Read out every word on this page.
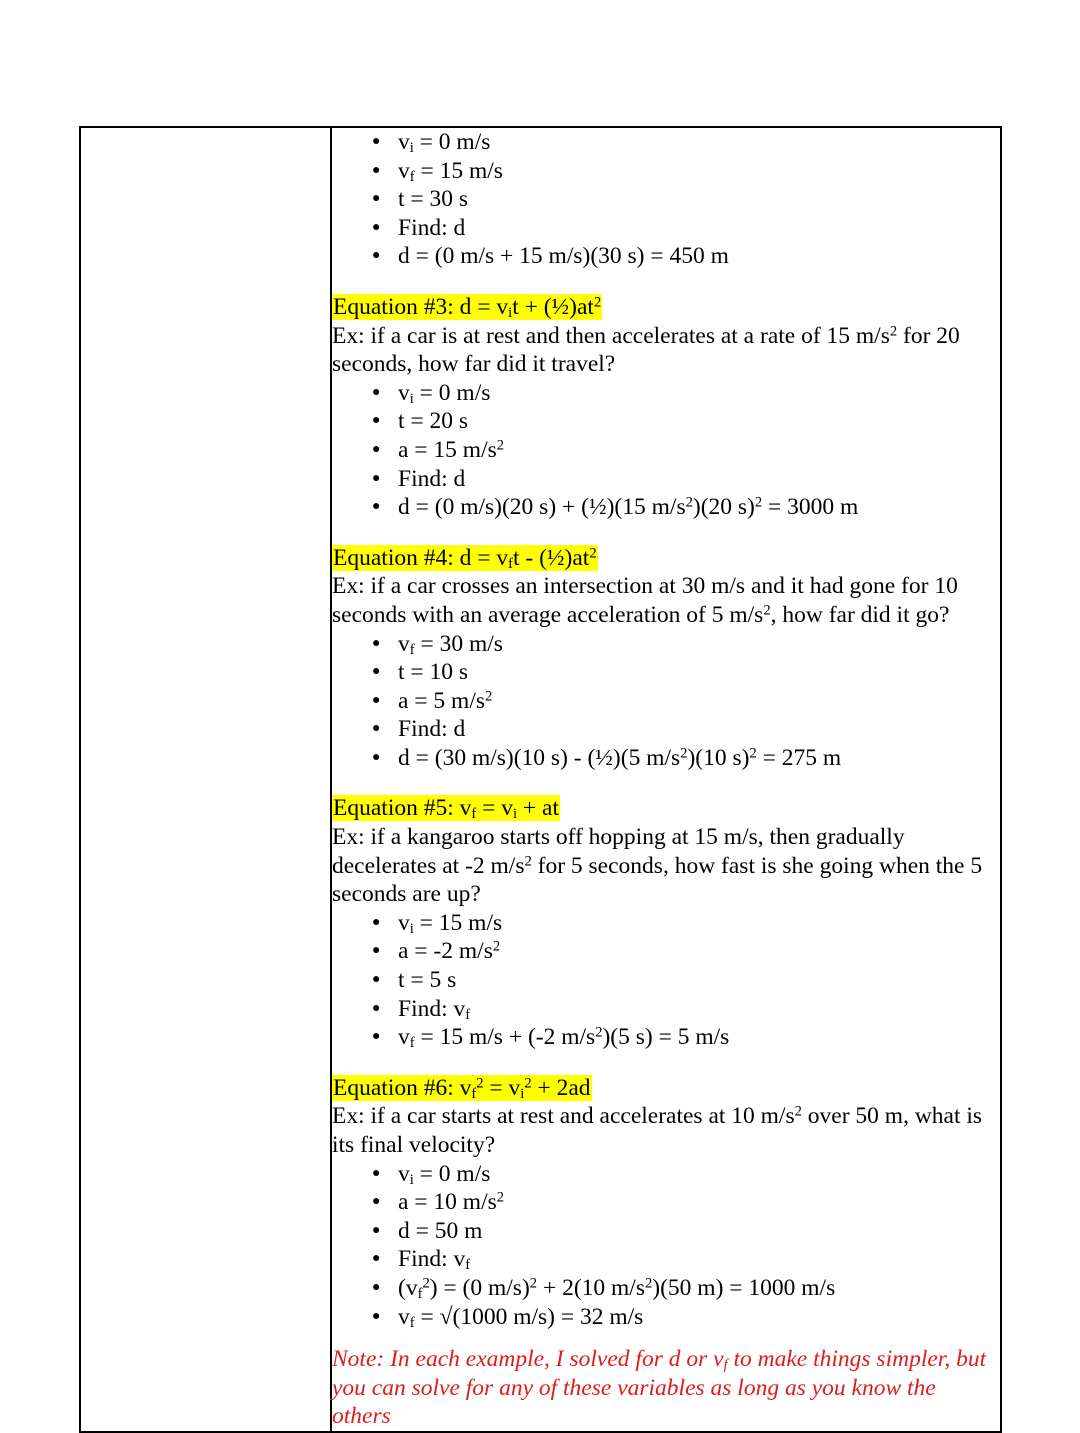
● $v_i = 0$ m/s
● $v_f = 15$ m/s
● t = 30 s
● Find: d
● d = (0 m/s + 15 m/s)(30 s) = 450 m

Equation #3: $d = v_it$ + $(\frac{1}{2})at^2$

Ex: if a car is at rest and then accelerates at a rate of 15 $m/s^2$ for 20 seconds, how far did it travel?

● $v_i = 0$ m/s
● t = 20 s
● a = 15 $m/s^2$
● Find: d
● d = (0 m/s)(20 s) + (½)(15 $m/s^2)(20$ s)$^2$ = 3000 m

Equation #4: $d = v_ft$ - $(\frac{1}{2})at^2$

Ex: if a car crosses an intersection at 30 m/s and it had gone for 10 seconds with an average acceleration of 5 $m/s^2$, how far did it go?

● $v_f = 30$ m/s
● t = 10 s
● a = 5 $m/s^2$
● Find: d
● d = (30 m/s)(10 s) - (½)(5 $m/s^2)(10$ s)$^2$ = 275 m

Equation #5: $v_f = v_i$ + at

Ex: if a kangaroo starts off hopping at 15 m/s, then gradually decelerates at -2 $m/s^2$ for 5 seconds, how fast is she going when the 5 seconds are up?

● $v_i = 15$ m/s
● a = -2 $m/s^2$
● t = 5 s
● Find: $v_f$
● $v_f = 15$ m/s + (-2 $m/s^2)(5$ s) = 5 m/s

Equation #6: $v_f^2 = v_i^2 + 2ad$

Ex: if a car starts at rest and accelerates at 10 $m/s^2$ over 50 m, what is its final velocity?

● $v_i = 0$ m/s
● a = 10 $m/s^2$
● d = 50 m
● Find: $v_f$
● $(v_f^2) = (0$ m/s)$^2$ + 2(10 $m/s^2)(50$ m) = 1000 m/s
● $v_f = √(1000$ m/s) = 32 m/s

Note: In each example, I solved for d or $v_f$ to make things simpler, but you can solve for any of these variables as long as you know the others
